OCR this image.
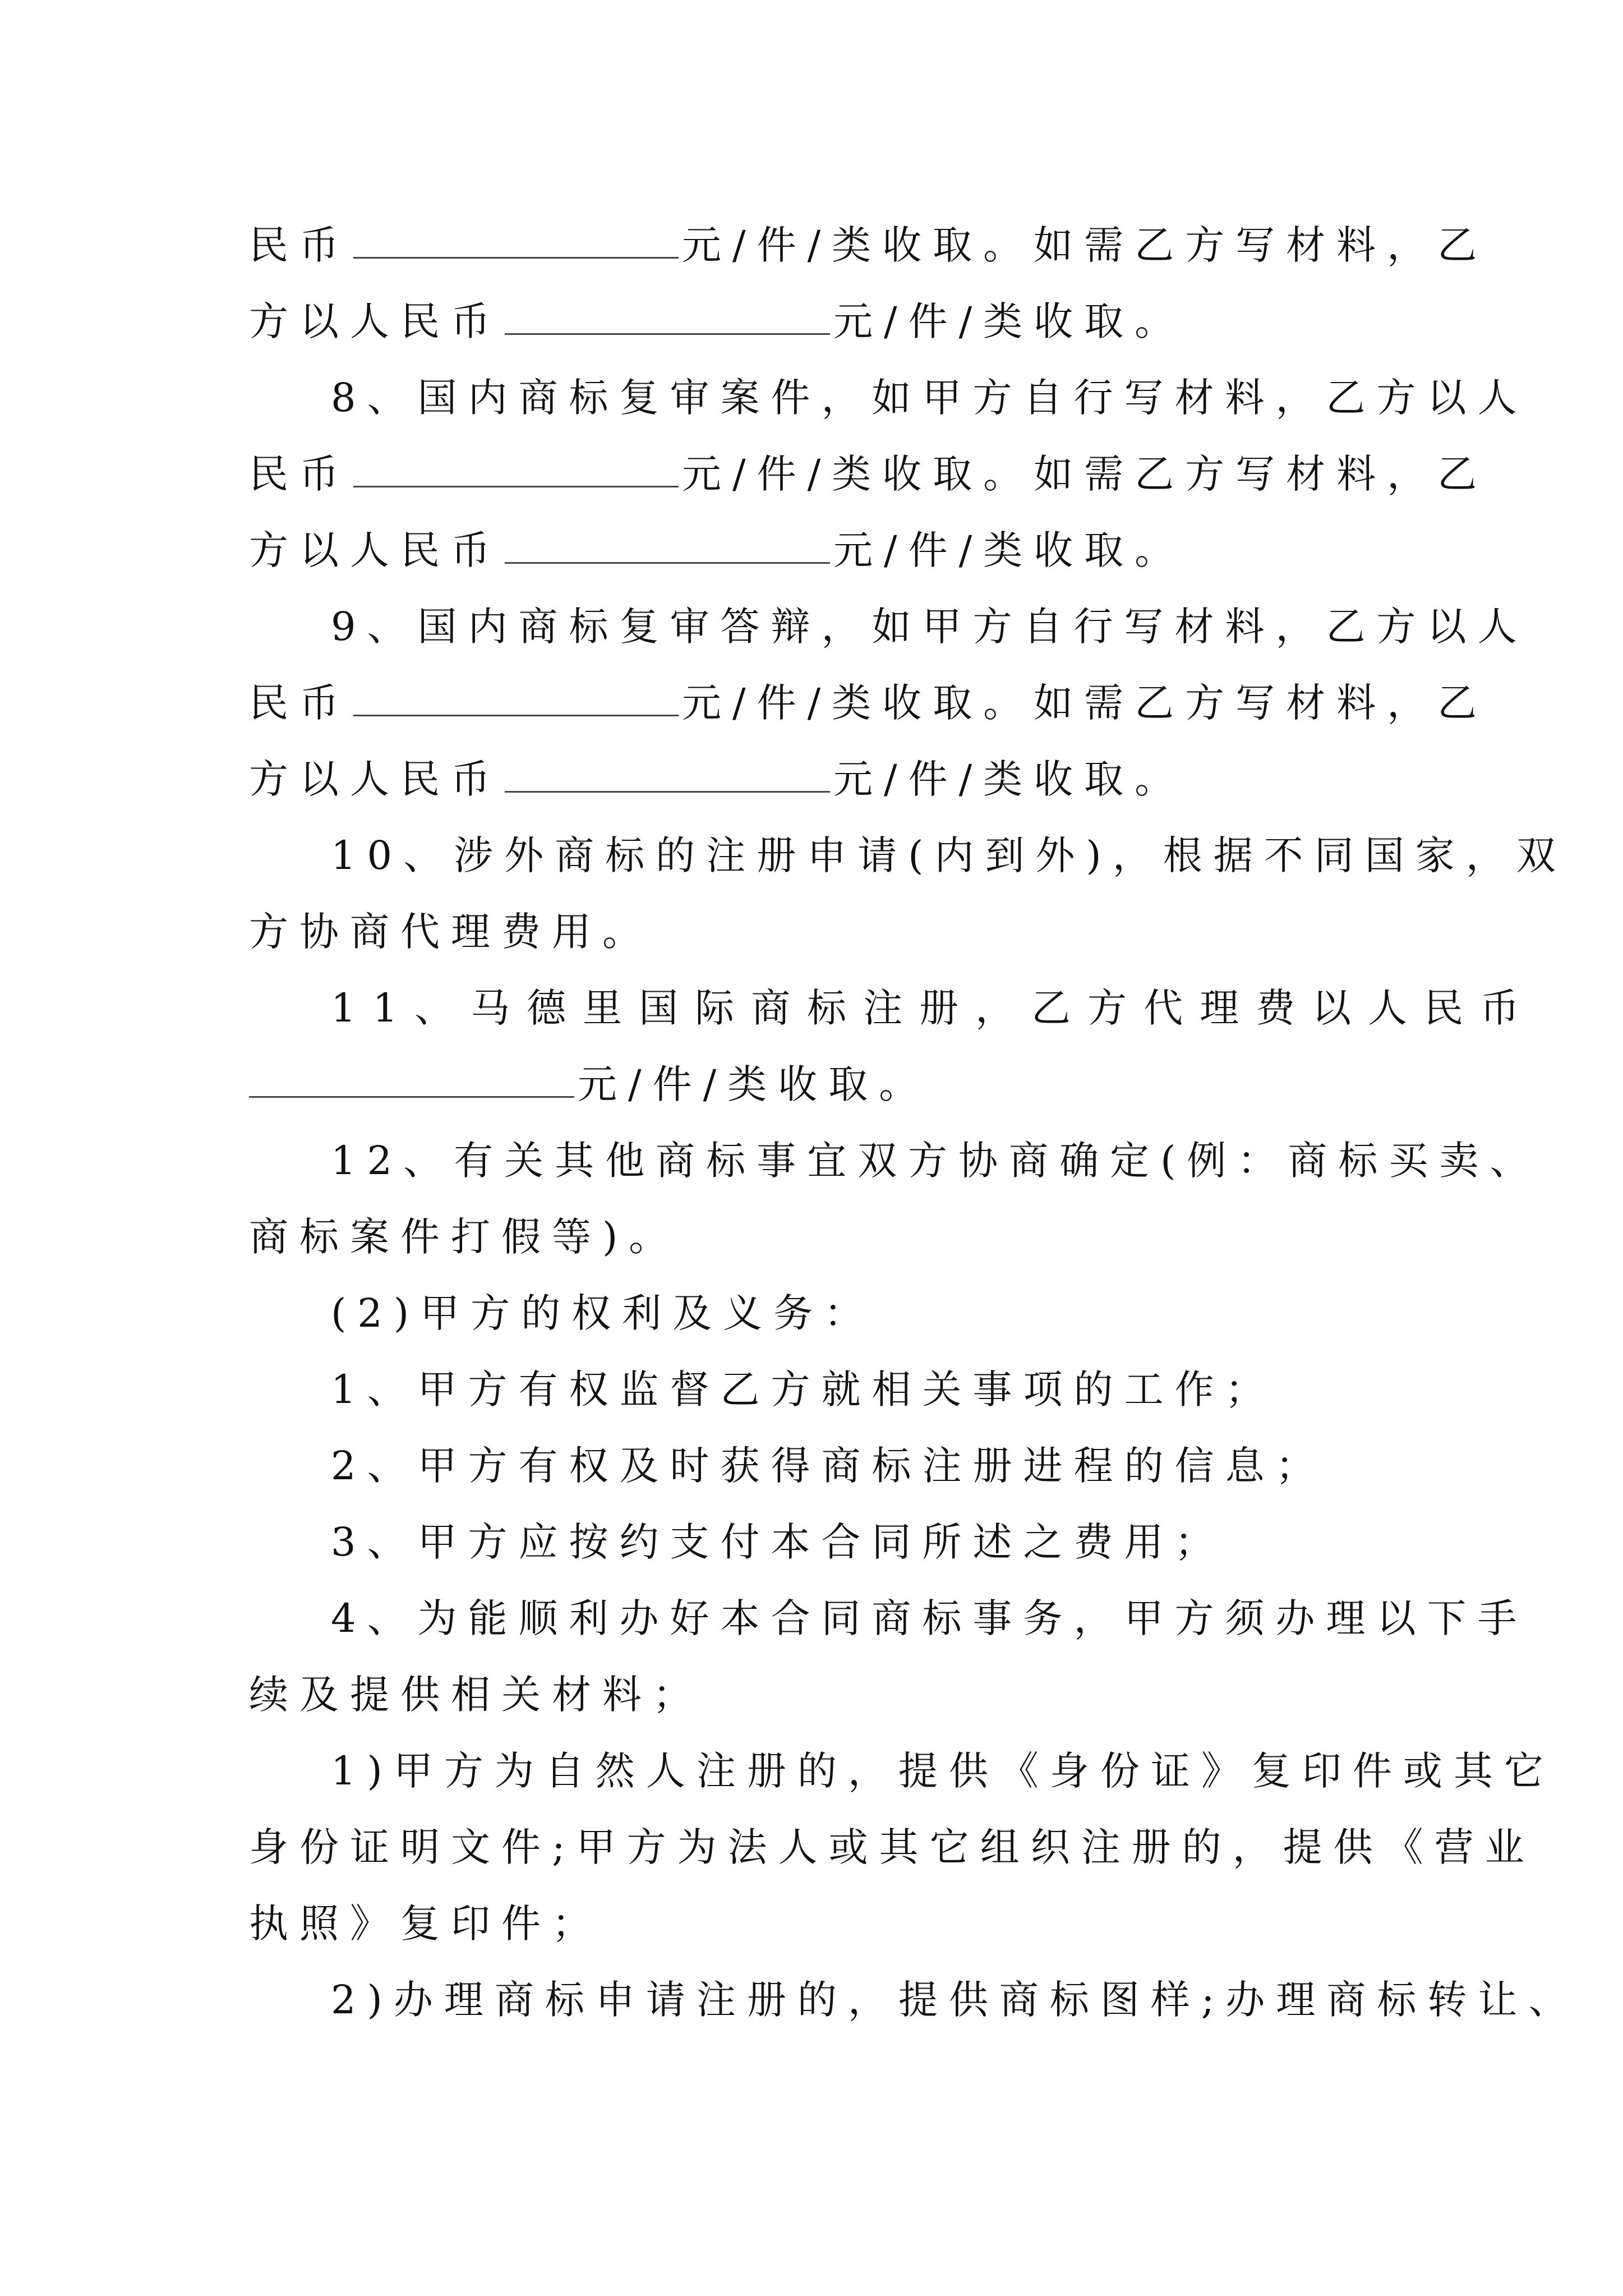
民币	元/件/类收取。如需乙方写材料，乙
方以人民币	元/件/类收取。
8、国内商标复审案件，如甲方自行写材料，乙方以人
民币	元/件/类收取。如需乙方写材料，乙
方以人民币	元/件/类收取。
9、国内商标复审答辩，如甲方自行写材料，乙方以人
民币	元/件/类收取。如需乙方写材料，乙
方以人民币	元/件/类收取。
10、涉外商标的注册申请(内到外)，根据不同国家，双
方协商代理费用。
11、马德里国际商标注册，乙方代理费以人民币
元/件/类收取。
12、有关其他商标事宜双方协商确定(例：商标买卖、
商标案件打假等)。
(2)甲方的权利及义务：
1、甲方有权监督乙方就相关事项的工作；
2、甲方有权及时获得商标注册进程的信息；
3、甲方应按约支付本合同所述之费用；
4、为能顺利办好本合同商标事务，甲方须办理以下手
续及提供相关材料；
1)甲方为自然人注册的，提供《身份证》复印件或其它
身份证明文件;甲方为法人或其它组织注册的，提供《营业
执照》复印件；
2)办理商标申请注册的，提供商标图样;办理商标转让、
